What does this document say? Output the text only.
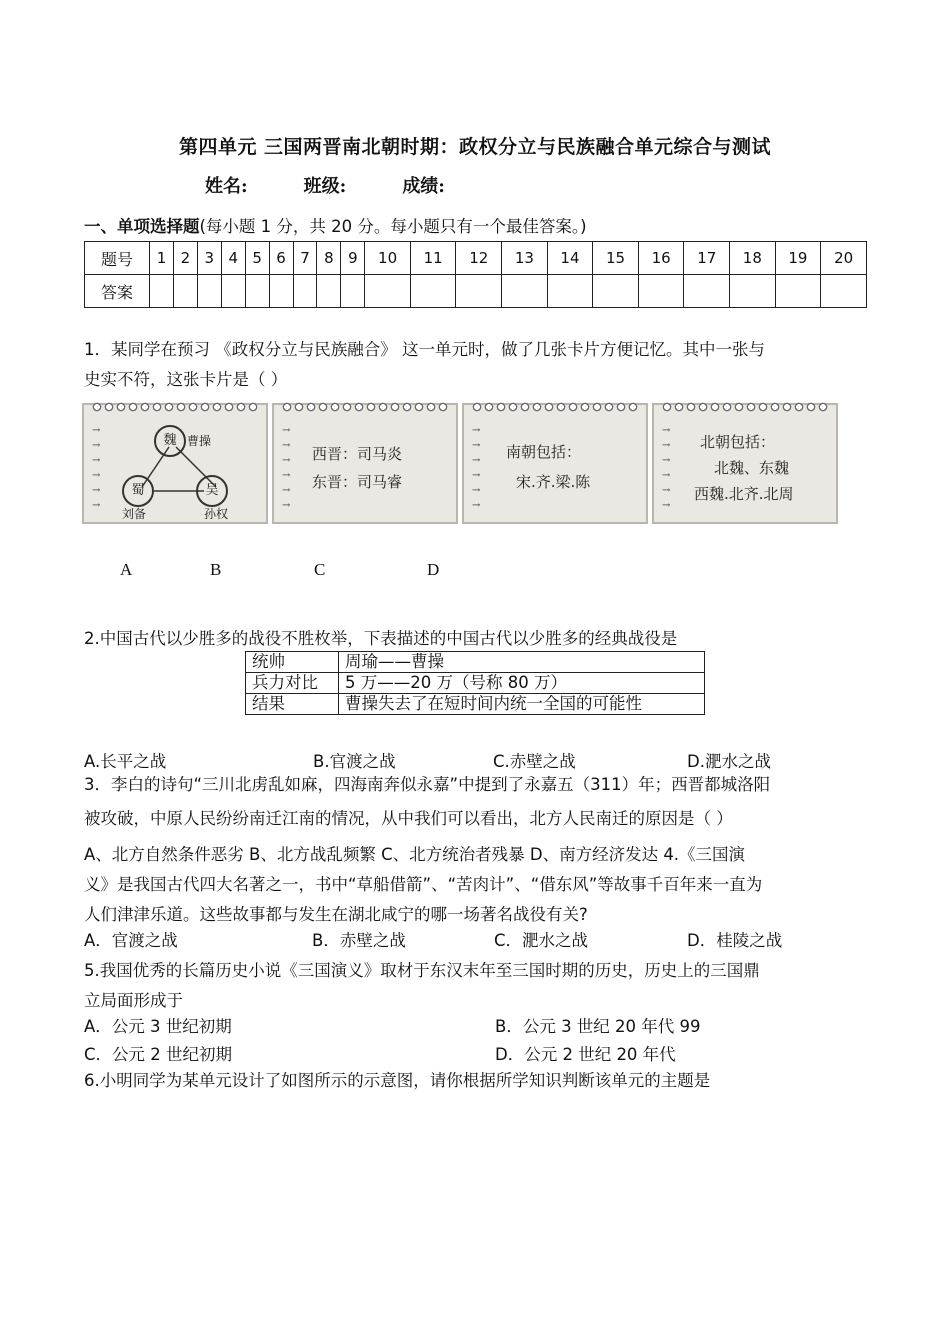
第四单元 三国两晋南北朝时期：政权分立与民族融合单元综合与测试
姓名:	班级:	成绩:
一、单项选择题(每小题 1 分，共 20 分。每小题只有一个最佳答案。)
题号	1	2	3	4	5	6	7	8	9	10	11	12	13	14	15	16	17	18	19	20
答案																				
1．某同学在预习 《政权分立与民族融合》 这一单元时，做了几张卡片方便记忆。其中一张与
史实不符，这张卡片是（ ）
→
→
→
→
→
→
魏 曹操
蜀
刘备
吴
孙权
→
→
→
→
→
→
西晋：司马炎
东晋：司马睿
→
→
→
→
→
→
南朝包括：
宋.齐.梁.陈
→
→
→
→
→
→
北朝包括：
北魏、东魏
西魏.北齐.北周
A	B	C	D
2.中国古代以少胜多的战役不胜枚举，下表描述的中国古代以少胜多的经典战役是
统帅	周瑜——曹操
兵力对比	5 万——20 万（号称 80 万）
结果	曹操失去了在短时间内统一全国的可能性
A.长平之战	B.官渡之战	C.赤壁之战	D.淝水之战
3．李白的诗句“三川北虏乱如麻，四海南奔似永嘉”中提到了永嘉五（311）年；西晋都城洛阳
被攻破，中原人民纷纷南迁江南的情况，从中我们可以看出，北方人民南迁的原因是（ ）
A、北方自然条件恶劣 B、北方战乱频繁 C、北方统治者残暴 D、南方经济发达 4.《三国演
义》是我国古代四大名著之一，书中“草船借箭”、“苦肉计”、“借东风”等故事千百年来一直为
人们津津乐道。这些故事都与发生在湖北咸宁的哪一场著名战役有关?
A．官渡之战	B．赤壁之战	C．淝水之战	D．桂陵之战
5.我国优秀的长篇历史小说《三国演义》取材于东汉末年至三国时期的历史，历史上的三国鼎
立局面形成于
A．公元 3 世纪初期	B．公元 3 世纪 20 年代 99
C．公元 2 世纪初期	D．公元 2 世纪 20 年代
6.小明同学为某单元设计了如图所示的示意图，请你根据所学知识判断该单元的主题是
